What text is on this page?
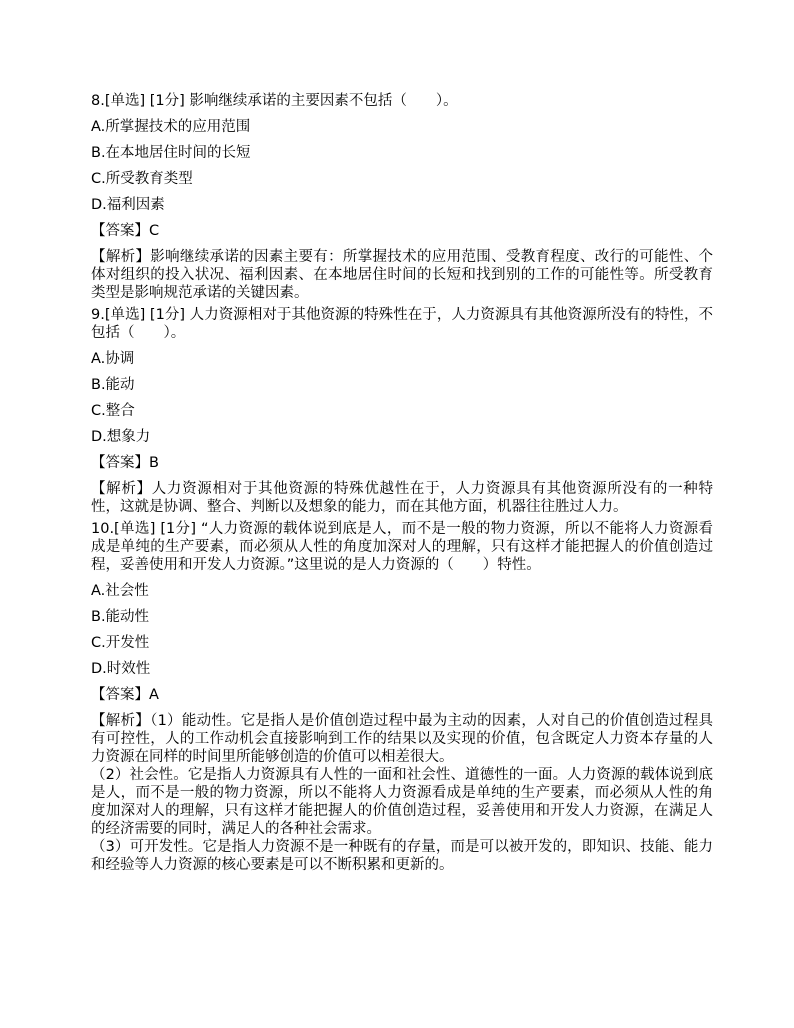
8.[单选] [1分] 影响继续承诺的主要因素不包括（　　）。
A.所掌握技术的应用范围
B.在本地居住时间的长短
C.所受教育类型
D.福利因素
【答案】C
【解析】影响继续承诺的因素主要有：所掌握技术的应用范围、受教育程度、改行的可能性、个体对组织的投入状况、福利因素、在本地居住时间的长短和找到别的工作的可能性等。所受教育类型是影响规范承诺的关键因素。
9.[单选] [1分] 人力资源相对于其他资源的特殊性在于，人力资源具有其他资源所没有的特性，不包括（　　）。
A.协调
B.能动
C.整合
D.想象力
【答案】B
【解析】人力资源相对于其他资源的特殊优越性在于，人力资源具有其他资源所没有的一种特性，这就是协调、整合、判断以及想象的能力，而在其他方面，机器往往胜过人力。
10.[单选] [1分] “人力资源的载体说到底是人，而不是一般的物力资源，所以不能将人力资源看成是单纯的生产要素，而必须从人性的角度加深对人的理解，只有这样才能把握人的价值创造过程，妥善使用和开发人力资源。”这里说的是人力资源的（　　）特性。
A.社会性
B.能动性
C.开发性
D.时效性
【答案】A
【解析】（1）能动性。它是指人是价值创造过程中最为主动的因素，人对自己的价值创造过程具有可控性，人的工作动机会直接影响到工作的结果以及实现的价值，包含既定人力资本存量的人力资源在同样的时间里所能够创造的价值可以相差很大。
（2）社会性。它是指人力资源具有人性的一面和社会性、道德性的一面。人力资源的载体说到底是人，而不是一般的物力资源，所以不能将人力资源看成是单纯的生产要素，而必须从人性的角度加深对人的理解，只有这样才能把握人的价值创造过程，妥善使用和开发人力资源，在满足人的经济需要的同时，满足人的各种社会需求。
（3）可开发性。它是指人力资源不是一种既有的存量，而是可以被开发的，即知识、技能、能力和经验等人力资源的核心要素是可以不断积累和更新的。
